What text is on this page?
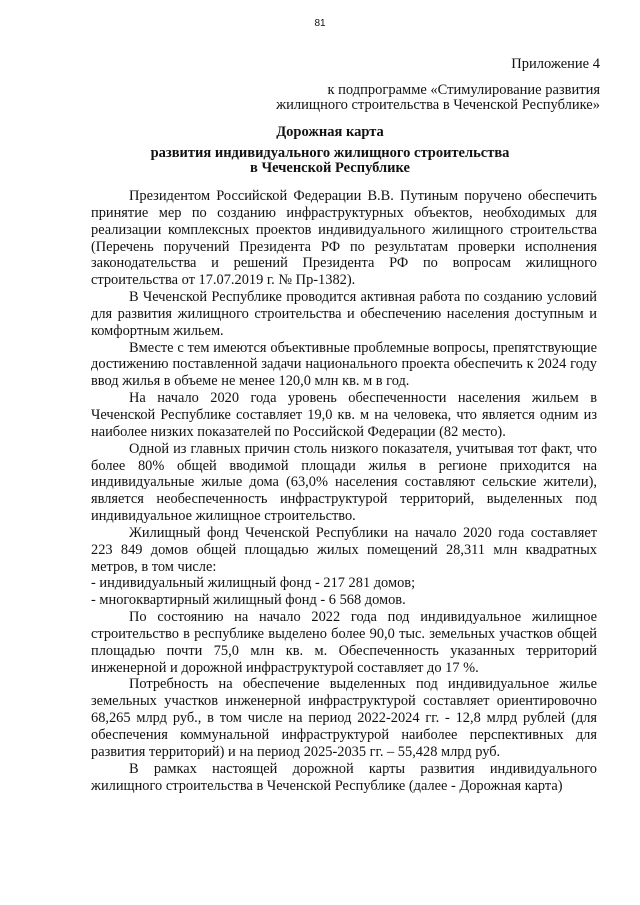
81
Приложение 4
к подпрограмме «Стимулирование развития
жилищного строительства в Чеченской Республике»
Дорожная карта
развития индивидуального жилищного строительства
в Чеченской Республике

Президентом Российской Федерации В.В. Путиным поручено обеспечить принятие мер по созданию инфраструктурных объектов, необходимых для реализации комплексных проектов индивидуального жилищного строительства (Перечень поручений Президента РФ по результатам проверки исполнения законодательства и решений Президента РФ по вопросам жилищного строительства от 17.07.2019 г. № Пр-1382).

В Чеченской Республике проводится активная работа по созданию условий для развития жилищного строительства и обеспечению населения доступным и комфортным жильем.

Вместе с тем имеются объективные проблемные вопросы, препятствующие достижению поставленной задачи национального проекта обеспечить к 2024 году ввод жилья в объеме не менее 120,0 млн кв. м в год.

На начало 2020 года уровень обеспеченности населения жильем в Чеченской Республике составляет 19,0 кв. м на человека, что является одним из наиболее низких показателей по Российской Федерации (82 место).

Одной из главных причин столь низкого показателя, учитывая тот факт, что более 80% общей вводимой площади жилья в регионе приходится на индивидуальные жилые дома (63,0% населения составляют сельские жители), является необеспеченность инфраструктурой территорий, выделенных под индивидуальное жилищное строительство.

Жилищный фонд Чеченской Республики на начало 2020 года составляет 223 849 домов общей площадью жилых помещений 28,311 млн квадратных метров, в том числе:

- индивидуальный жилищный фонд - 217 281 домов;

- многоквартирный жилищный фонд - 6 568 домов.

По состоянию на начало 2022 года под индивидуальное жилищное строительство в республике выделено более 90,0 тыс. земельных участков общей площадью почти 75,0 млн кв. м. Обеспеченность указанных территорий инженерной и дорожной инфраструктурой составляет до 17 %.

Потребность на обеспечение выделенных под индивидуальное жилье земельных участков инженерной инфраструктурой составляет ориентировочно 68,265 млрд руб., в том числе на период 2022-2024 гг. - 12,8 млрд рублей (для обеспечения коммунальной инфраструктурой наиболее перспективных для развития территорий) и на период 2025-2035 гг. – 55,428 млрд руб.

В рамках настоящей дорожной карты развития индивидуального жилищного строительства в Чеченской Республике (далее - Дорожная карта)
